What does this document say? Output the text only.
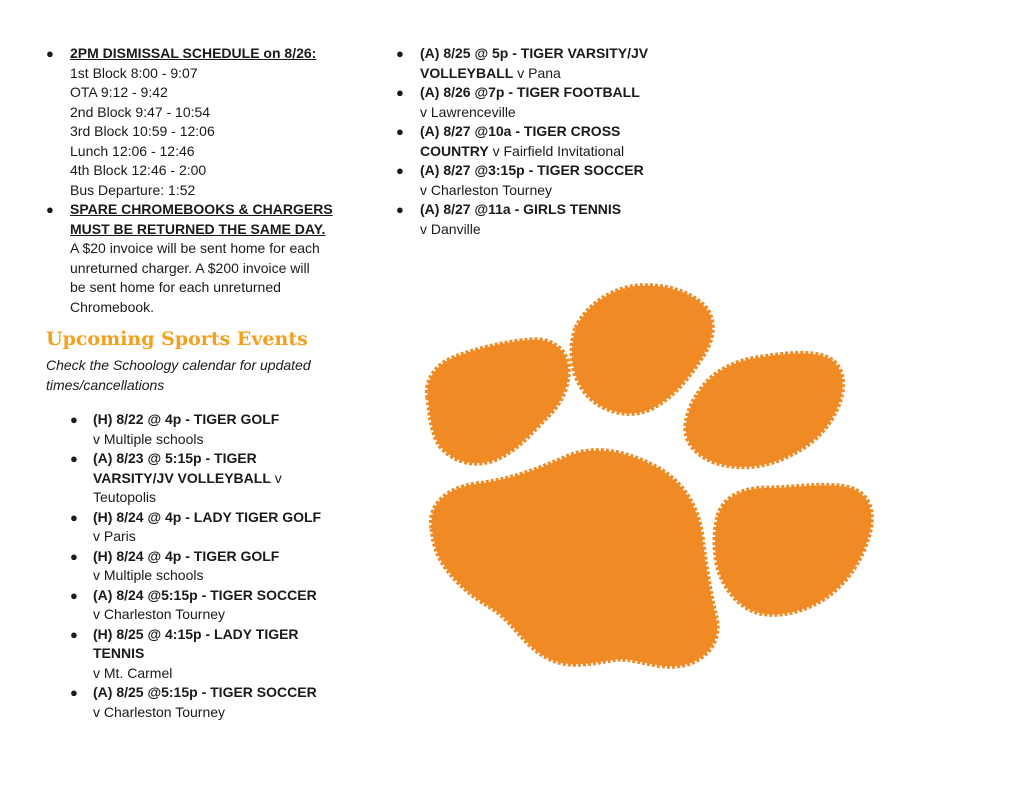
● 2PM DISMISSAL SCHEDULE on 8/26:
1st Block 8:00 - 9:07
OTA 9:12 - 9:42
2nd Block 9:47 - 10:54
3rd Block 10:59 - 12:06
Lunch 12:06 - 12:46
4th Block 12:46 - 2:00
Bus Departure: 1:52
● SPARE CHROMEBOOKS & CHARGERS
MUST BE RETURNED THE SAME DAY.
A $20 invoice will be sent home for each
unreturned charger. A $200 invoice will
be sent home for each unreturned
Chromebook.
Upcoming Sports Events
Check the Schoology calendar for updated
times/cancellations
● (H) 8/22 @ 4p - TIGER GOLF
v Multiple schools
● (A) 8/23 @ 5:15p - TIGER
VARSITY/JV VOLLEYBALL v
Teutopolis
● (H) 8/24 @ 4p - LADY TIGER GOLF
v Paris
● (H) 8/24 @ 4p - TIGER GOLF
v Multiple schools
● (A) 8/24 @5:15p - TIGER SOCCER
v Charleston Tourney
● (H) 8/25 @ 4:15p - LADY TIGER
TENNIS
v Mt. Carmel
● (A) 8/25 @5:15p - TIGER SOCCER
v Charleston Tourney
● (A) 8/25 @ 5p - TIGER VARSITY/JV
VOLLEYBALL v Pana
● (A) 8/26 @7p - TIGER FOOTBALL
v Lawrenceville
● (A) 8/27 @10a - TIGER CROSS
COUNTRY v Fairfield Invitational
● (A) 8/27 @3:15p - TIGER SOCCER
v Charleston Tourney
● (A) 8/27 @11a - GIRLS TENNIS
v Danville
